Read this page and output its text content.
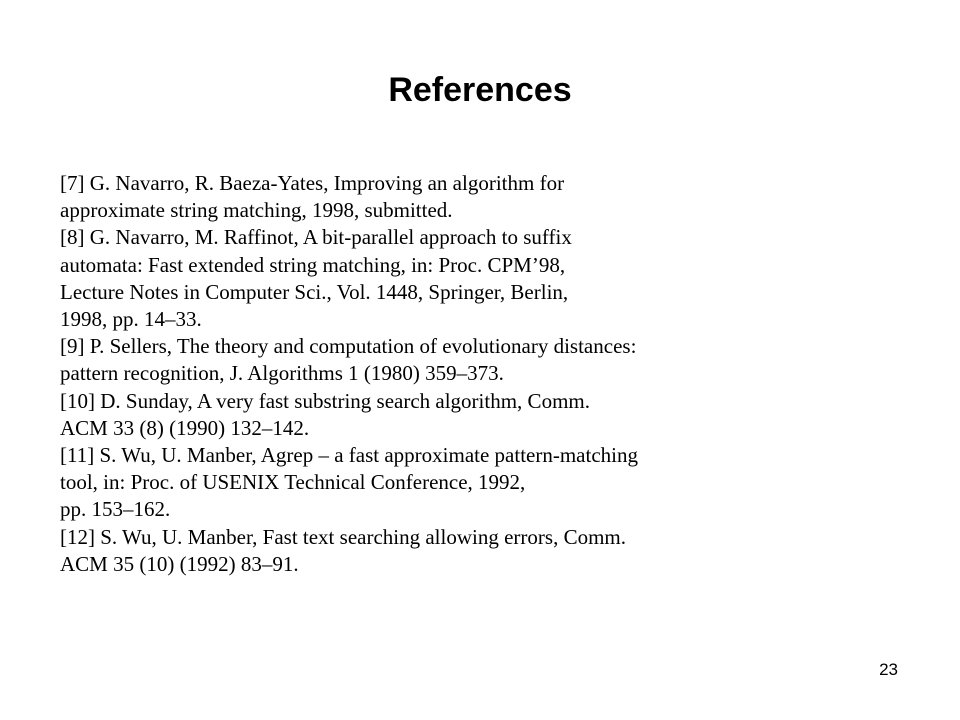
References
[7] G. Navarro, R. Baeza-Yates, Improving an algorithm for
approximate string matching, 1998, submitted.
[8] G. Navarro, M. Raffinot, A bit-parallel approach to suffix
automata: Fast extended string matching, in: Proc. CPM’98,
Lecture Notes in Computer Sci., Vol. 1448, Springer, Berlin,
1998, pp. 14–33.
[9] P. Sellers, The theory and computation of evolutionary distances:
pattern recognition, J. Algorithms 1 (1980) 359–373.
[10] D. Sunday, A very fast substring search algorithm, Comm.
ACM 33 (8) (1990) 132–142.
[11] S. Wu, U. Manber, Agrep – a fast approximate pattern-matching
tool, in: Proc. of USENIX Technical Conference, 1992,
pp. 153–162.
[12] S. Wu, U. Manber, Fast text searching allowing errors, Comm.
ACM 35 (10) (1992) 83–91.
23
